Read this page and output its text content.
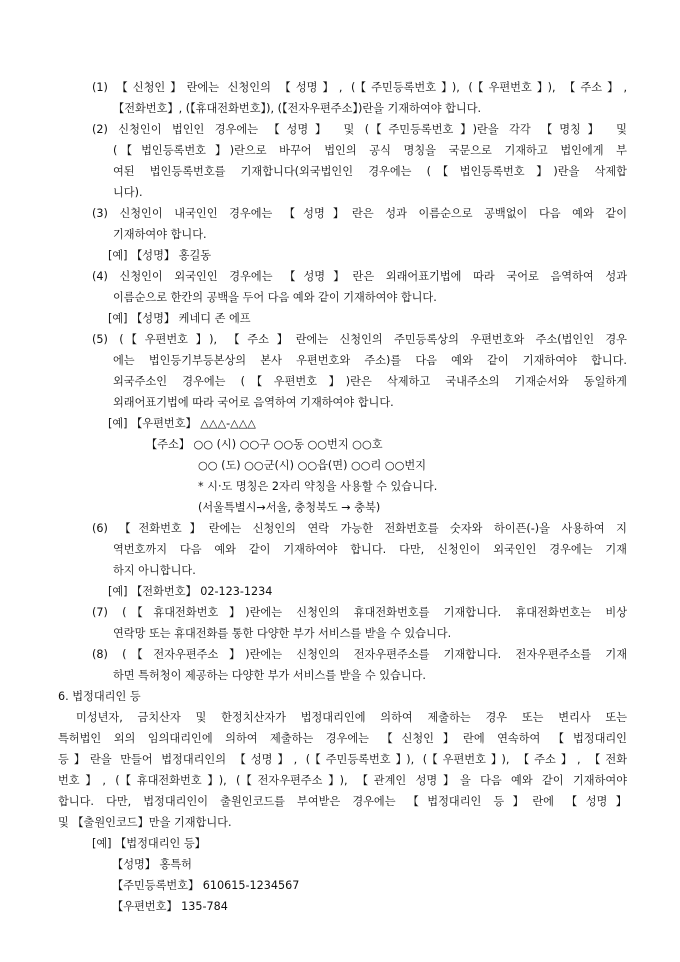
(1) 【신청인】란에는 신청인의 【성명】, (【주민등록번호】), (【우편번호】), 【주소】,
【전화번호】, (【휴대전화번호】), (【전자우편주소】)란을 기재하여야 합니다.
(2) 신청인이 법인인 경우에는 【성명】 및 (【주민등록번호】)란을 각각 【명칭】 및
(【법인등록번호】)란으로 바꾸어 법인의 공식 명칭을 국문으로 기재하고 법인에게 부
여된 법인등록번호를 기재합니다(외국법인인 경우에는 (【법인등록번호】)란을 삭제합
니다).
(3) 신청인이 내국인인 경우에는 【성명】란은 성과 이름순으로 공백없이 다음 예와 같이
기재하여야 합니다.
[예] 【성명】 홍길동
(4) 신청인이 외국인인 경우에는 【성명】란은 외래어표기법에 따라 국어로 음역하여 성과
이름순으로 한칸의 공백을 두어 다음 예와 같이 기재하여야 합니다.
[예] 【성명】 케네디 존 에프
(5) (【우편번호】), 【주소】란에는 신청인의 주민등록상의 우편번호와 주소(법인인 경우
에는 법인등기부등본상의 본사 우편번호와 주소)를 다음 예와 같이 기재하여야 합니다.
외국주소인 경우에는 (【우편번호】)란은 삭제하고 국내주소의 기재순서와 동일하게
외래어표기법에 따라 국어로 음역하여 기재하여야 합니다.
[예] 【우편번호】 △△△-△△△
【주소】 ○○ (시) ○○구 ○○동 ○○번지 ○○호
○○ (도) ○○군(시) ○○읍(면) ○○리 ○○번지
* 시·도 명칭은 2자리 약칭을 사용할 수 있습니다.
(서울특별시→서울, 충청북도 → 충북)
(6) 【전화번호】란에는 신청인의 연락 가능한 전화번호를 숫자와 하이픈(-)을 사용하여 지
역번호까지 다음 예와 같이 기재하여야 합니다. 다만, 신청인이 외국인인 경우에는 기재
하지 아니합니다.
[예] 【전화번호】 02-123-1234
(7) (【휴대전화번호】)란에는 신청인의 휴대전화번호를 기재합니다. 휴대전화번호는 비상
연락망 또는 휴대전화를 통한 다양한 부가 서비스를 받을 수 있습니다.
(8) (【전자우편주소】)란에는 신청인의 전자우편주소를 기재합니다. 전자우편주소를 기재
하면 특허청이 제공하는 다양한 부가 서비스를 받을 수 있습니다.
6. 법정대리인 등
미성년자, 금치산자 및 한정치산자가 법정대리인에 의하여 제출하는 경우 또는 변리사 또는
특허법인 외의 임의대리인에 의하여 제출하는 경우에는 【신청인】란에 연속하여 【법정대리인
등】란을 만들어 법정대리인의 【성명】, (【주민등록번호】), (【우편번호】), 【주소】, 【전화
번호】, (【휴대전화번호】), (【전자우편주소】), 【관계인 성명】을 다음 예와 같이 기재하여야
합니다. 다만, 법정대리인이 출원인코드를 부여받은 경우에는 【법정대리인 등】란에 【성명】
및 【출원인코드】만을 기재합니다.
[예] 【법정대리인 등】
【성명】 홍특허
【주민등록번호】 610615-1234567
【우편번호】 135-784
